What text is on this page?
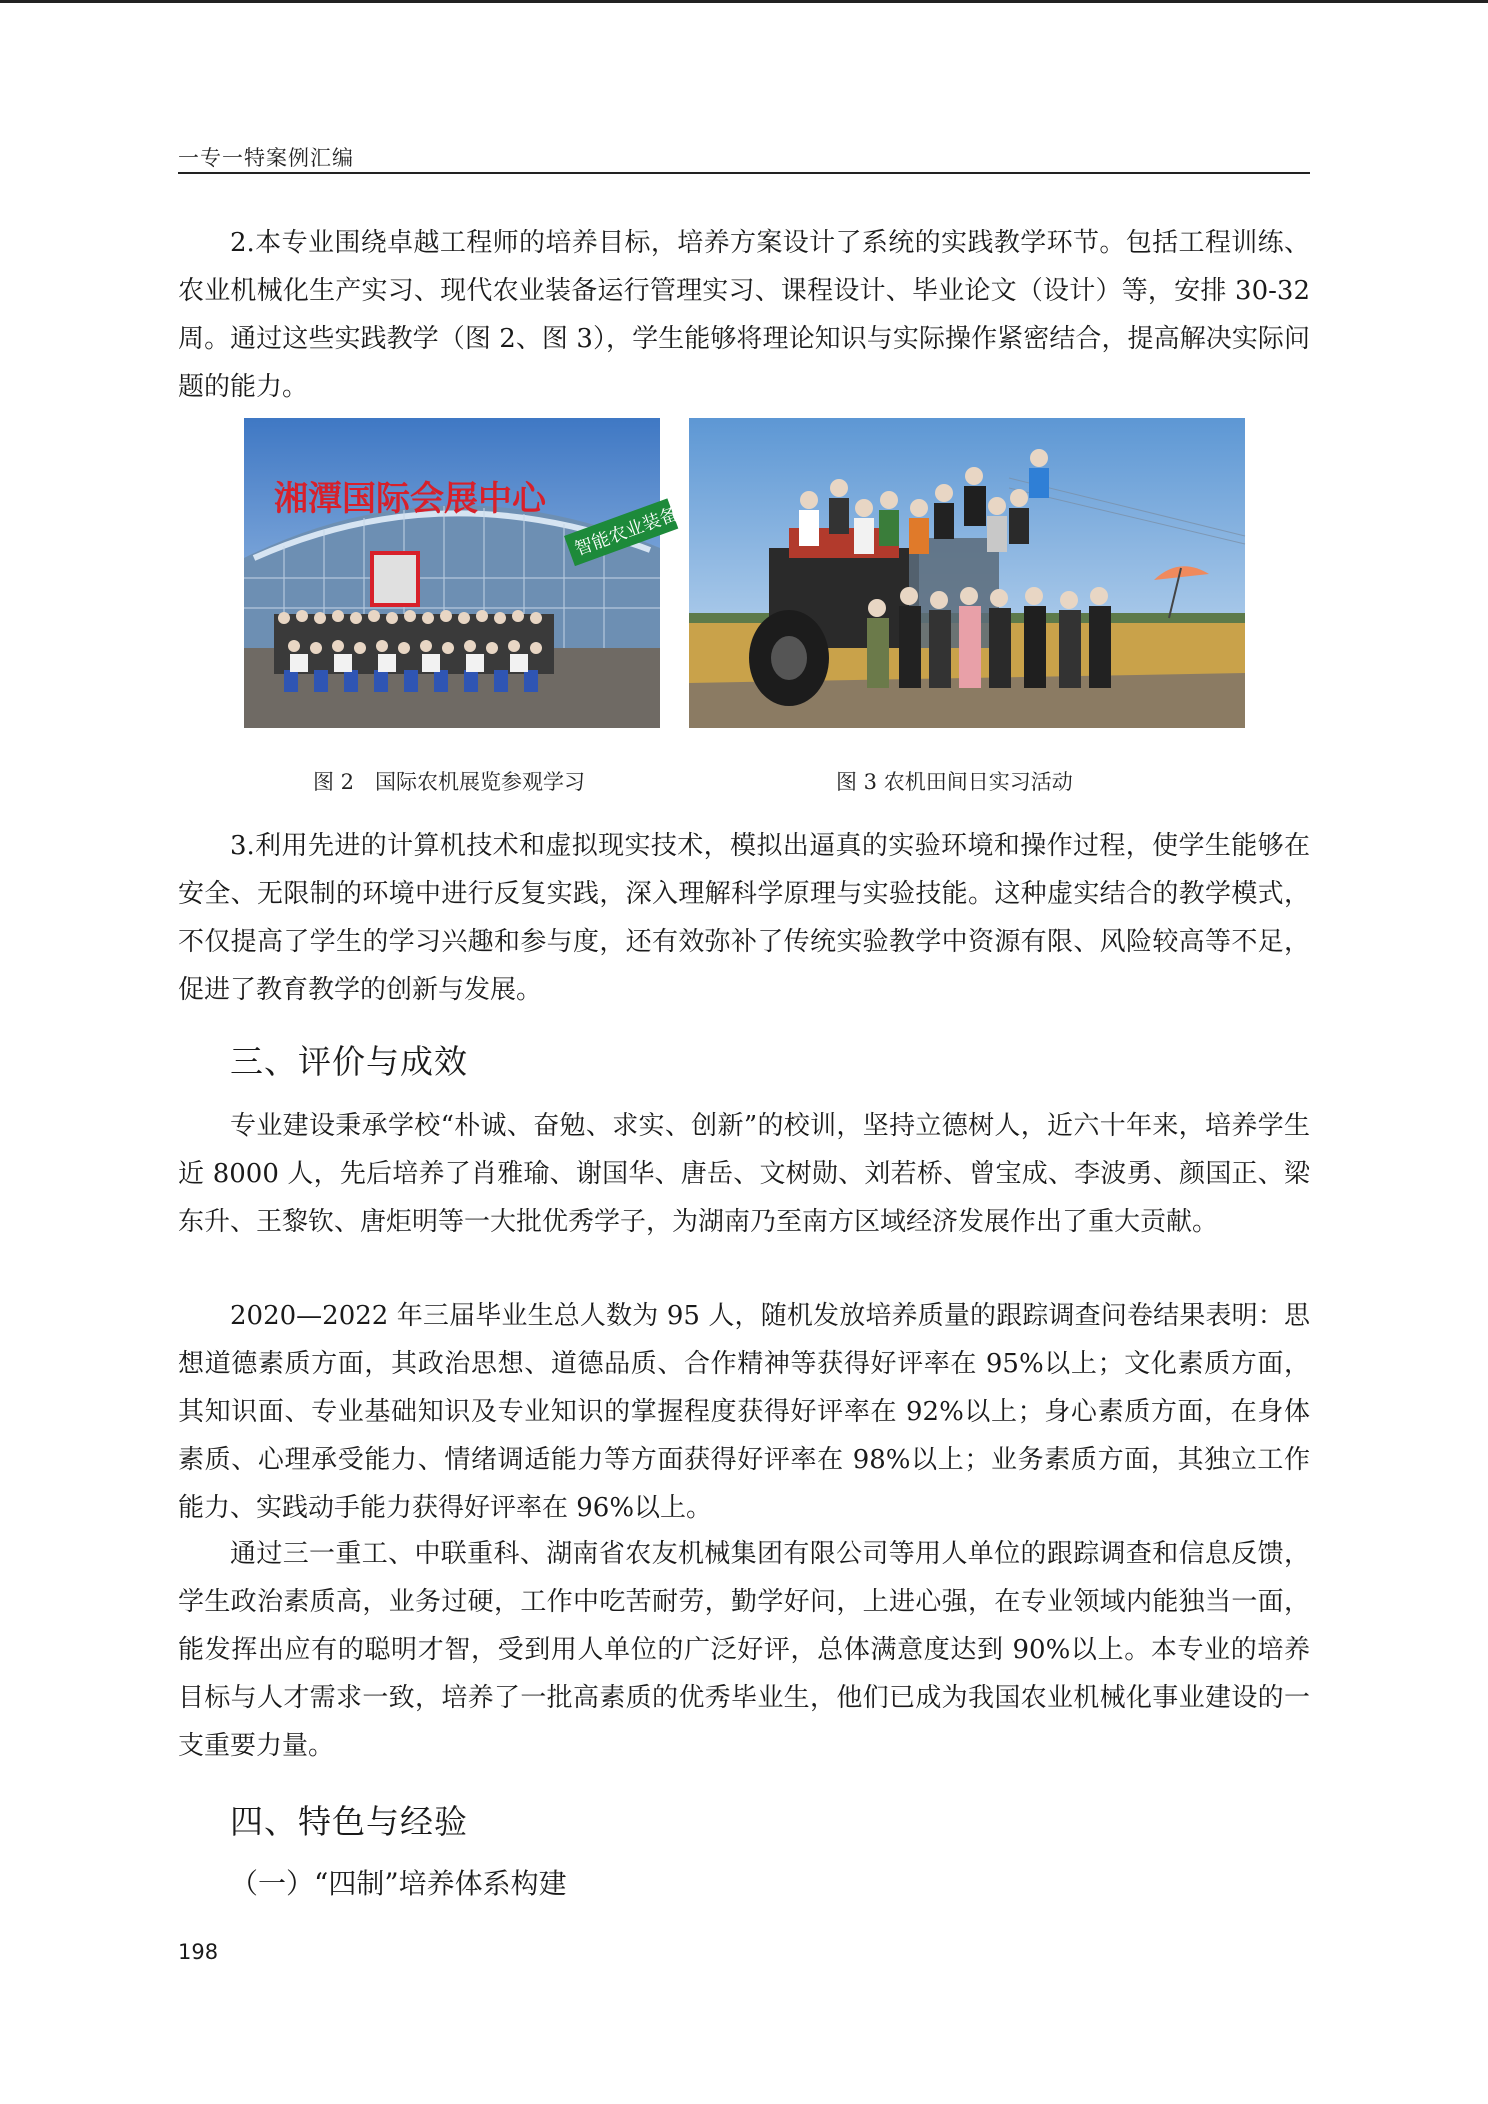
一专一特案例汇编

2.本专业围绕卓越工程师的培养目标，培养方案设计了系统的实践教学环节。包括工程训练、农业机械化生产实习、现代农业装备运行管理实习、课程设计、毕业论文（设计）等，安排 30-32 周。通过这些实践教学（图 2、图 3），学生能够将理论知识与实际操作紧密结合，提高解决实际问题的能力。

湘潭国际会展中心
智能农业装备
图 2　国际农机展览参观学习	图 3 农机田间日实习活动

3.利用先进的计算机技术和虚拟现实技术，模拟出逼真的实验环境和操作过程，使学生能够在安全、无限制的环境中进行反复实践，深入理解科学原理与实验技能。这种虚实结合的教学模式，不仅提高了学生的学习兴趣和参与度，还有效弥补了传统实验教学中资源有限、风险较高等不足，促进了教育教学的创新与发展。

三、评价与成效

专业建设秉承学校“朴诚、奋勉、求实、创新”的校训，坚持立德树人，近六十年来，培养学生近 8000 人，先后培养了肖雅瑜、谢国华、唐岳、文树勋、刘若桥、曾宝成、李波勇、颜国正、梁东升、王黎钦、唐炬明等一大批优秀学子，为湖南乃至南方区域经济发展作出了重大贡献。

2020—2022 年三届毕业生总人数为 95 人，随机发放培养质量的跟踪调查问卷结果表明：思想道德素质方面，其政治思想、道德品质、合作精神等获得好评率在 95%以上；文化素质方面，其知识面、专业基础知识及专业知识的掌握程度获得好评率在 92%以上；身心素质方面，在身体素质、心理承受能力、情绪调适能力等方面获得好评率在 98%以上；业务素质方面，其独立工作能力、实践动手能力获得好评率在 96%以上。

通过三一重工、中联重科、湖南省农友机械集团有限公司等用人单位的跟踪调查和信息反馈，学生政治素质高，业务过硬，工作中吃苦耐劳，勤学好问，上进心强，在专业领域内能独当一面，能发挥出应有的聪明才智，受到用人单位的广泛好评，总体满意度达到 90%以上。本专业的培养目标与人才需求一致，培养了一批高素质的优秀毕业生，他们已成为我国农业机械化事业建设的一支重要力量。

四、特色与经验
（一）“四制”培养体系构建
198
